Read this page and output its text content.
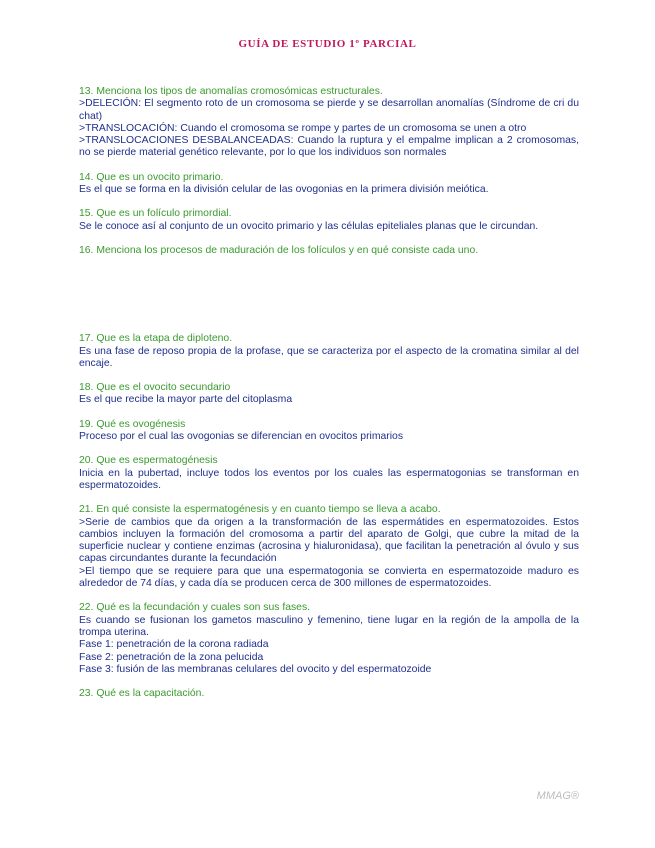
GUÍA DE ESTUDIO 1º PARCIAL

13. Menciona los tipos de anomalías cromosómicas estructurales.

>DELECIÓN: El segmento roto de un cromosoma se pierde y se desarrollan anomalías (Síndrome de cri du chat)

>TRANSLOCACIÓN: Cuando el cromosoma se rompe y partes de un cromosoma se unen a otro

>TRANSLOCACIONES DESBALANCEADAS: Cuando la ruptura y el empalme implican a 2 cromosomas, no se pierde material genético relevante, por lo que los individuos son normales

14. Que es un ovocito primario.

Es el que se forma en la división celular de las ovogonias en la primera división meiótica.

15. Que es un folículo primordial.

Se le conoce así al conjunto de un ovocito primario y las células epiteliales planas que le circundan.

16. Menciona los procesos de maduración de los folículos y en qué consiste cada uno.

17. Que es la etapa de diploteno.

Es una fase de reposo propia de la profase, que se caracteriza por el aspecto de la cromatina similar al del encaje.

18. Que es el ovocito secundario

Es el que recibe la mayor parte del citoplasma

19. Qué es ovogénesis

Proceso por el cual las ovogonias se diferencian en ovocitos primarios

20. Que es espermatogénesis

Inicia en la pubertad, incluye todos los eventos por los cuales las espermatogonias se transforman en espermatozoides.

21. En qué consiste la espermatogénesis y en cuanto tiempo se lleva a acabo.

>Serie de cambios que da origen a la transformación de las espermátides en espermatozoides. Estos cambios incluyen la formación del cromosoma a partir del aparato de Golgi, que cubre la mitad de la superficie nuclear y contiene enzimas (acrosina y hialuronidasa), que facilitan la penetración al óvulo y sus capas circundantes durante la fecundación

>El tiempo que se requiere para que una espermatogonia se convierta en espermatozoide maduro es alrededor de 74 días, y cada día se producen cerca de 300 millones de espermatozoides.

22. Qué es la fecundación y cuales son sus fases.

Es cuando se fusionan los gametos masculino y femenino, tiene lugar en la región de la ampolla de la trompa uterina.

Fase 1: penetración de la corona radiada

Fase 2: penetración de la zona pelucida

Fase 3: fusión de las membranas celulares del ovocito y del espermatozoide

23. Qué es la capacitación.

MMAG®
